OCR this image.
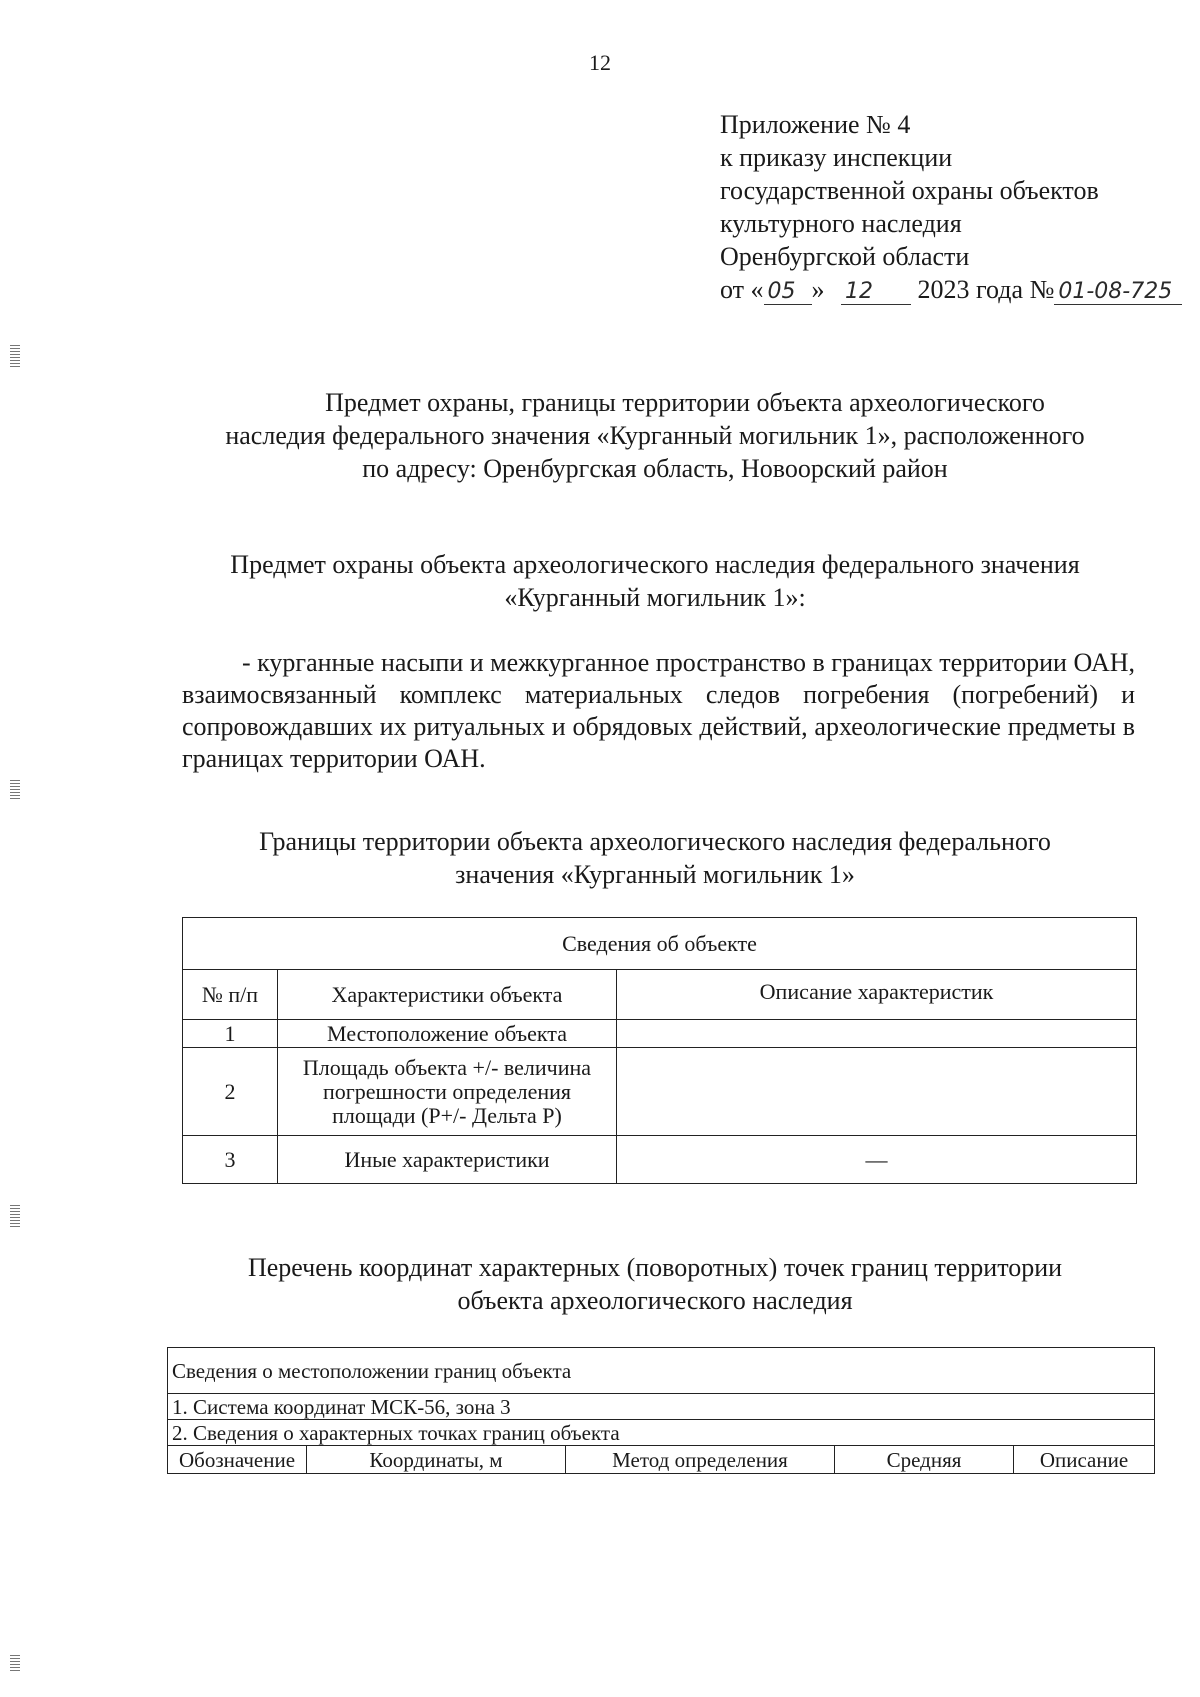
12
Приложение № 4
к приказу инспекции
государственной охраны объектов
культурного наследия
Оренбургской области
от « 05 » 12 2023 года № 01-08-725
Предмет охраны, границы территории объекта археологического
наследия федерального значения «Курганный могильник 1», расположенного
по адресу: Оренбургская область, Новоорский район
Предмет охраны объекта археологического наследия федерального значения
«Курганный могильник 1»:
- курганные насыпи и межкурганное пространство в границах территории ОАН, взаимосвязанный комплекс материальных следов погребения (погребений) и сопровождавших их ритуальных и обрядовых действий, археологические предметы в границах территории ОАН.
Границы территории объекта археологического наследия федерального
значения «Курганный могильник 1»
Сведения об объекте		
№ п/п	Характеристики объекта	Описание характеристик
1	Местоположение объекта	
2	Площадь объекта +/- величина погрешности определения площади (Р+/- Дельта Р)	
3	Иные характеристики	—
Перечень координат характерных (поворотных) точек границ территории
объекта археологического наследия
Сведения о местоположении границ объекта
1. Система координат МСК-56, зона 3
2. Сведения о характерных точках границ объекта
Обозначение	Координаты, м	Метод определения	Средняя	Описание
